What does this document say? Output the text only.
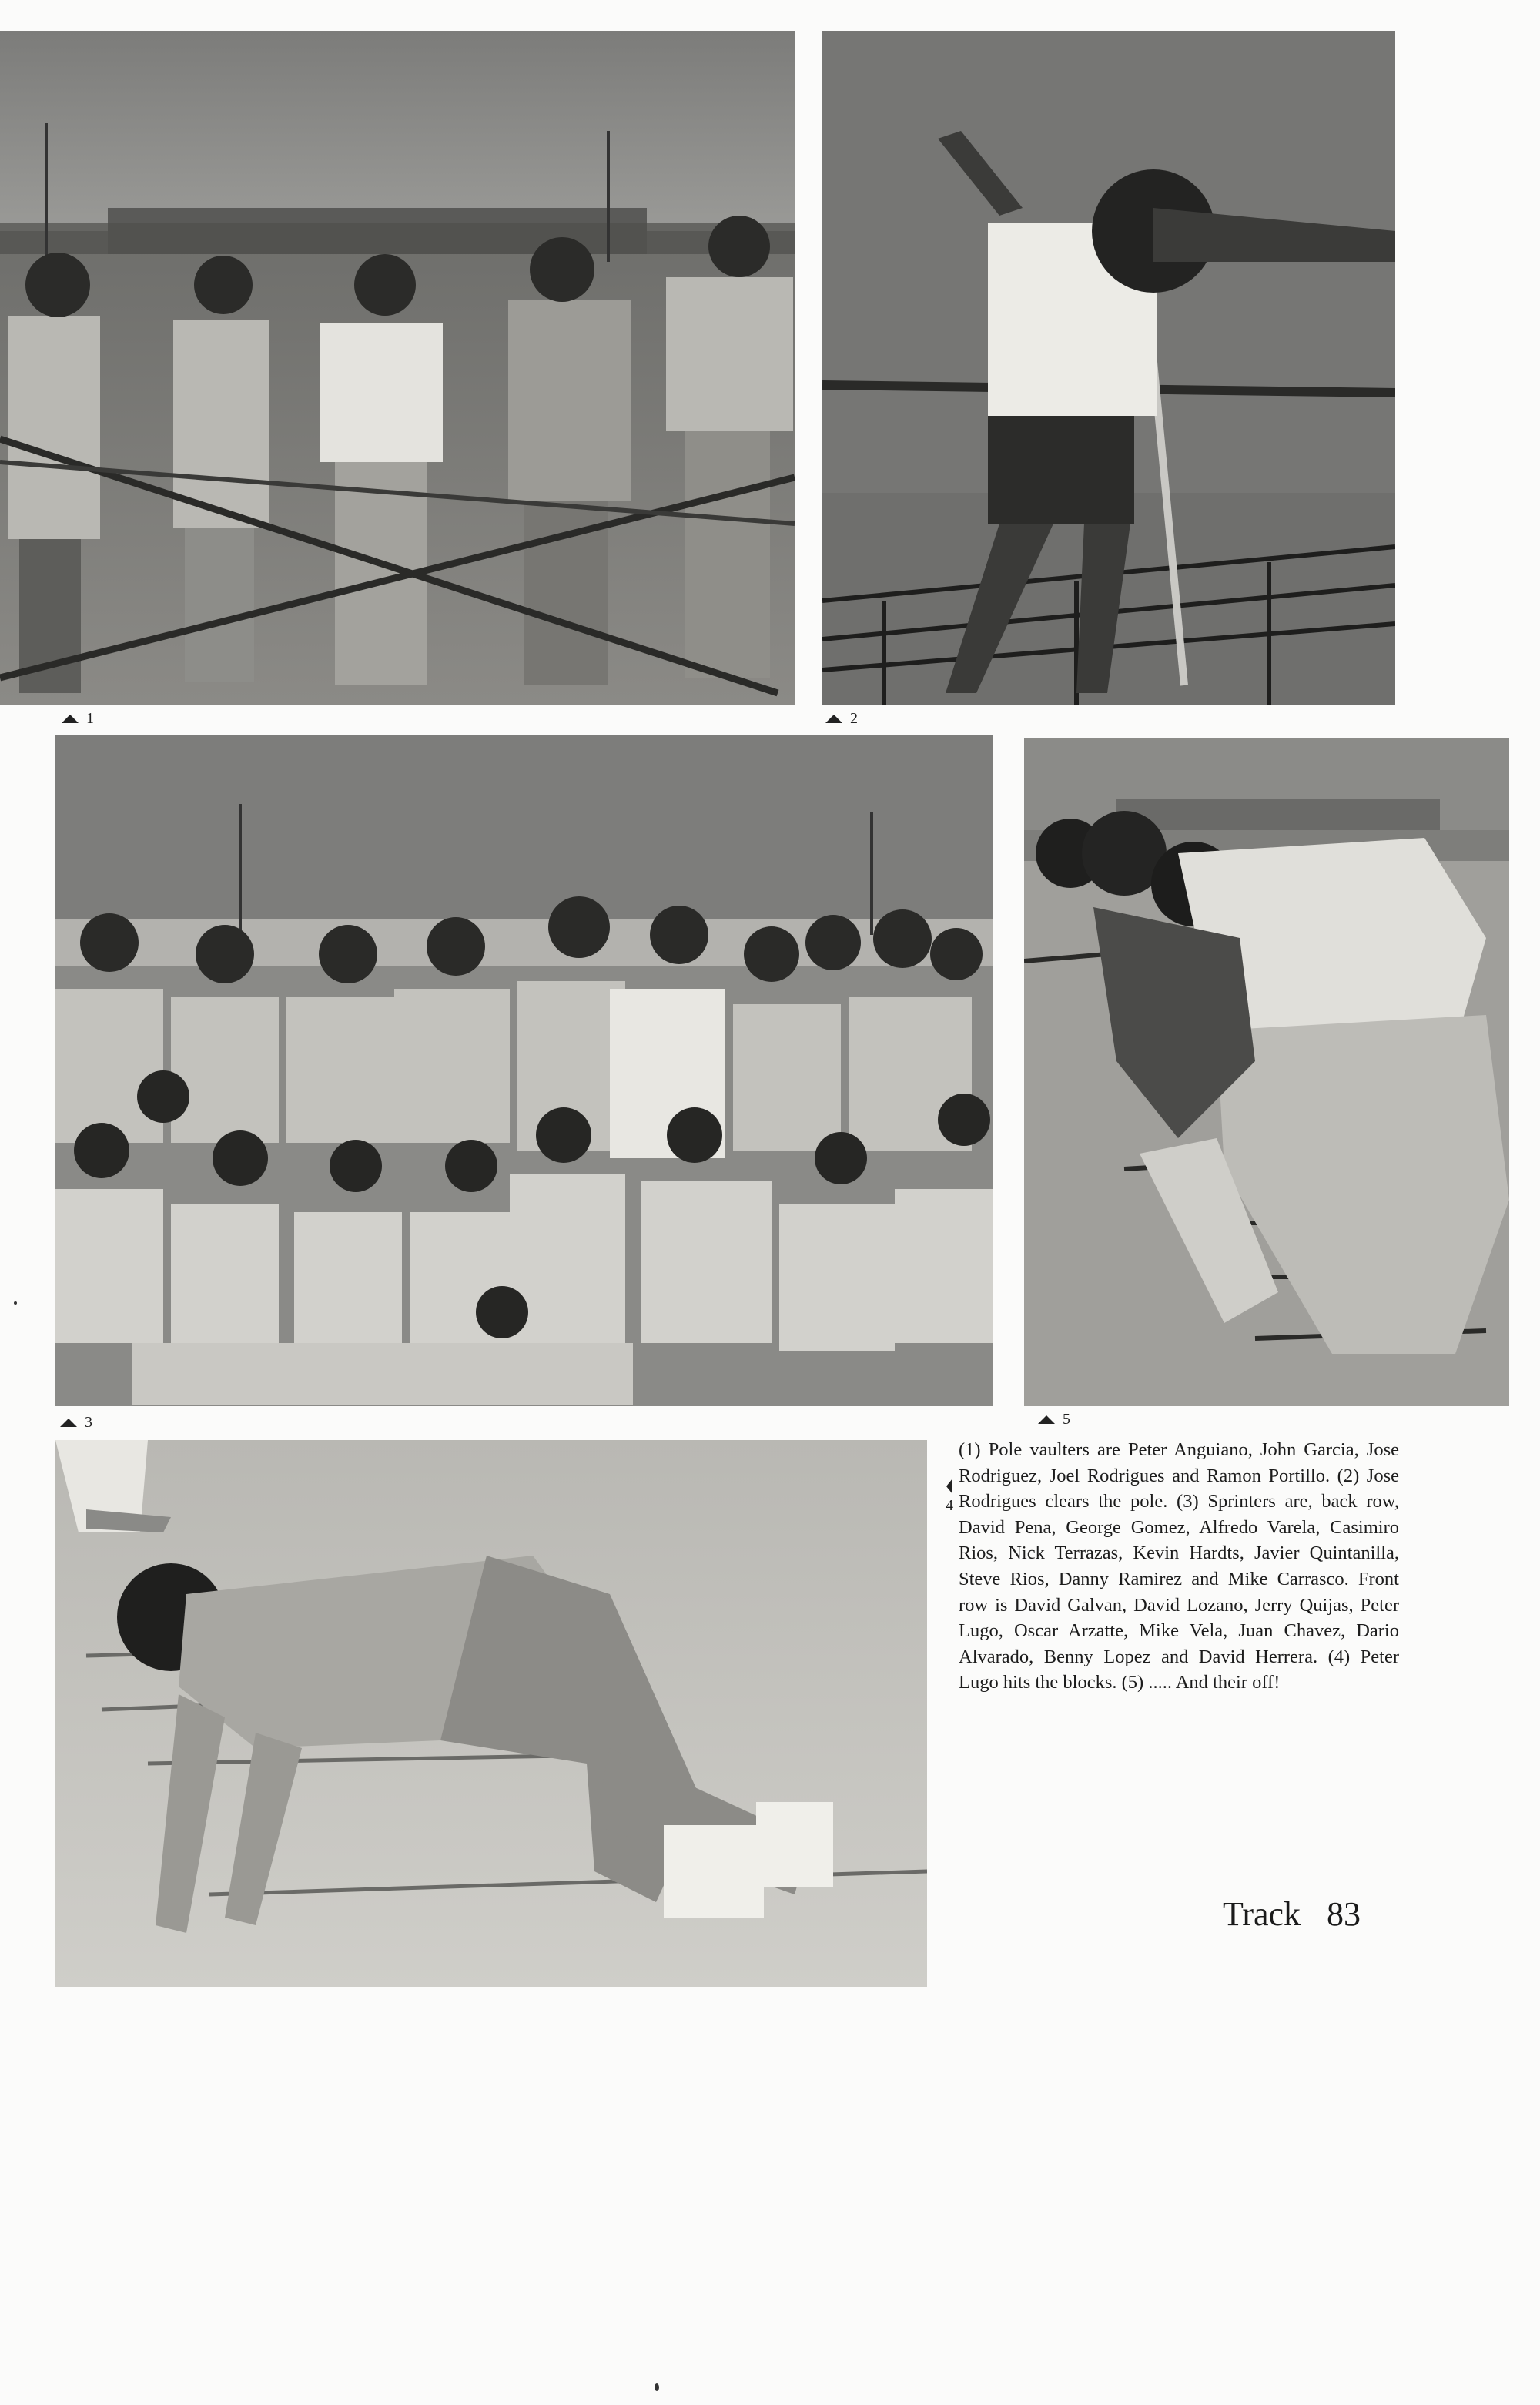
1	2
3	5
4
(1) Pole vaulters are Peter Anguiano, John Garcia, Jose Rodriguez, Joel Rodrigues and Ramon Portillo. (2) Jose Rodrigues clears the pole. (3) Sprinters are, back row, David Pena, George Gomez, Alfredo Varela, Casimiro Rios, Nick Terrazas, Kevin Hardts, Javier Quintanilla, Steve Rios, Danny Ramirez and Mike Carrasco. Front row is David Galvan, David Lozano, Jerry Quijas, Peter Lugo, Oscar Arzatte, Mike Vela, Juan Chavez, Dario Alvarado, Benny Lopez and David Herrera. (4) Peter Lugo hits the blocks. (5) ..... And their off!
Track 83
